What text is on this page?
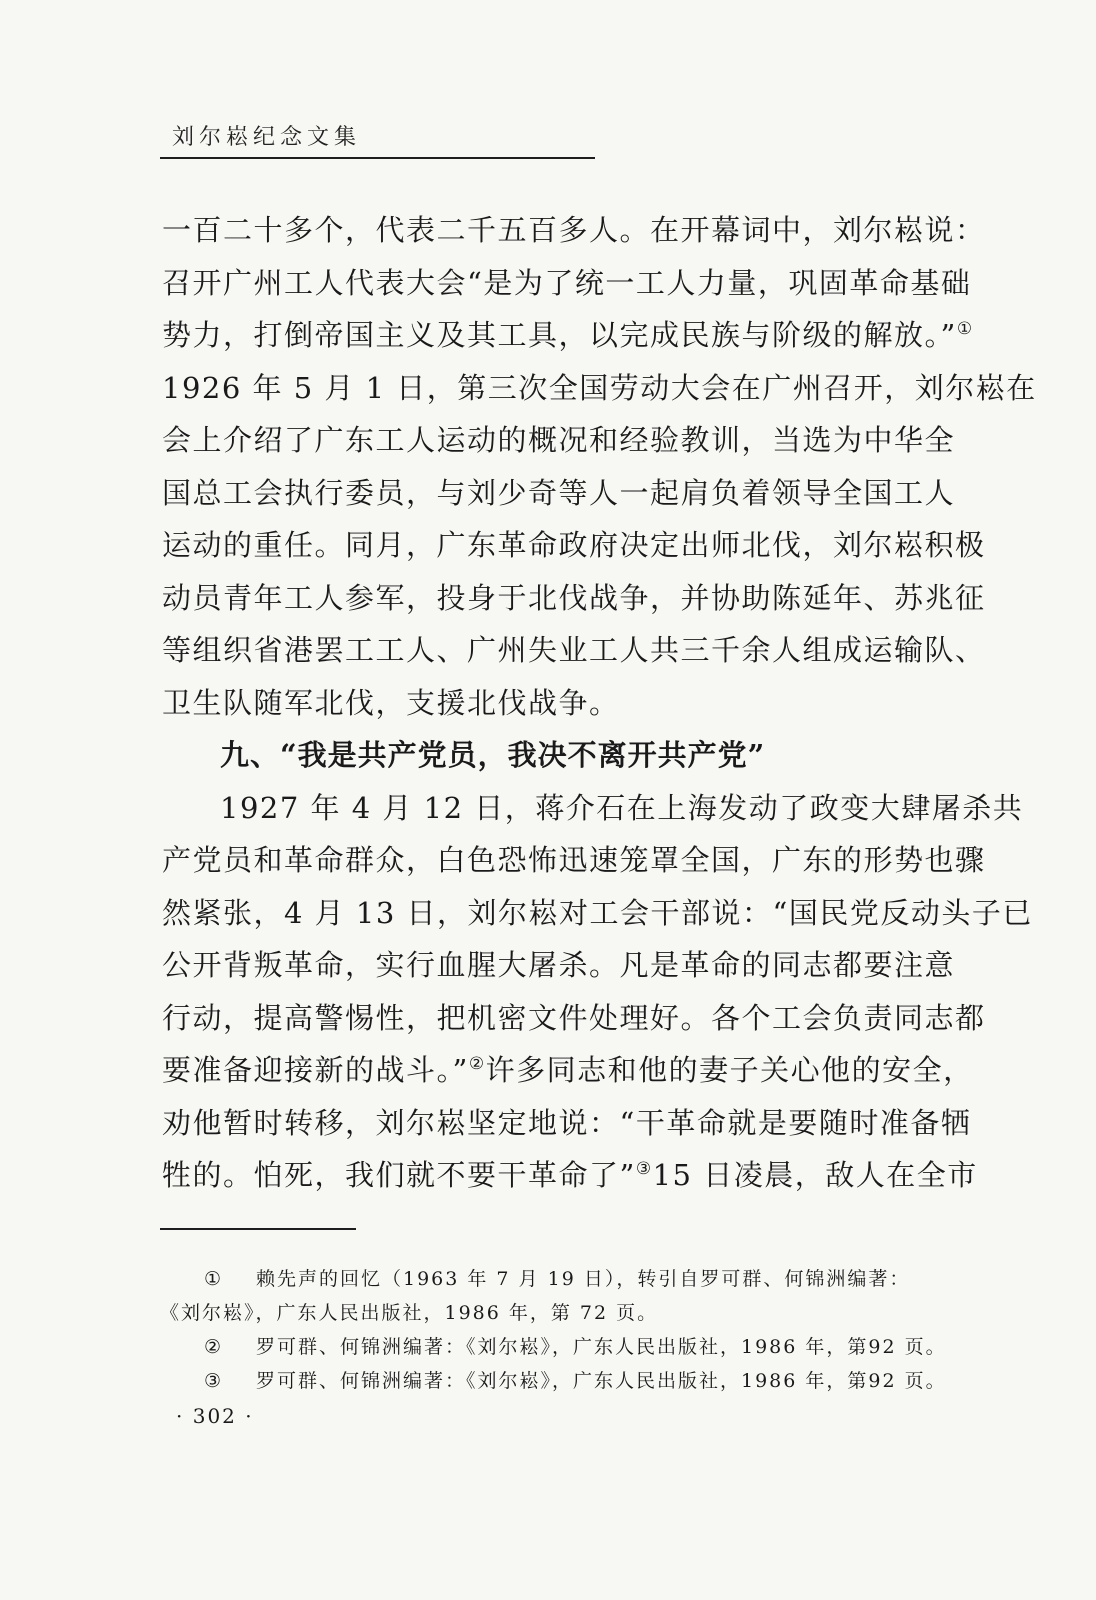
刘尔崧纪念文集
一百二十多个，代表二千五百多人。在开幕词中，刘尔崧说：
召开广州工人代表大会“是为了统一工人力量，巩固革命基础
势力，打倒帝国主义及其工具，以完成民族与阶级的解放。”①
1926 年 5 月 1 日，第三次全国劳动大会在广州召开，刘尔崧在
会上介绍了广东工人运动的概况和经验教训，当选为中华全
国总工会执行委员，与刘少奇等人一起肩负着领导全国工人
运动的重任。同月，广东革命政府决定出师北伐，刘尔崧积极
动员青年工人参军，投身于北伐战争，并协助陈延年、苏兆征
等组织省港罢工工人、广州失业工人共三千余人组成运输队、
卫生队随军北伐，支援北伐战争。
九、“我是共产党员，我决不离开共产党”
1927 年 4 月 12 日，蒋介石在上海发动了政变大肆屠杀共
产党员和革命群众，白色恐怖迅速笼罩全国，广东的形势也骤
然紧张，4 月 13 日，刘尔崧对工会干部说：“国民党反动头子已
公开背叛革命，实行血腥大屠杀。凡是革命的同志都要注意
行动，提高警惕性，把机密文件处理好。各个工会负责同志都
要准备迎接新的战斗。”②许多同志和他的妻子关心他的安全，
劝他暂时转移，刘尔崧坚定地说：“干革命就是要随时准备牺
牲的。怕死，我们就不要干革命了”③15 日凌晨，敌人在全市
① 赖先声的回忆（1963 年 7 月 19 日），转引自罗可群、何锦洲编著：
《刘尔崧》，广东人民出版社，1986 年，第 72 页。
② 罗可群、何锦洲编著：《刘尔崧》，广东人民出版社，1986 年，第92 页。
③ 罗可群、何锦洲编著：《刘尔崧》，广东人民出版社，1986 年，第92 页。
· 302 ·
